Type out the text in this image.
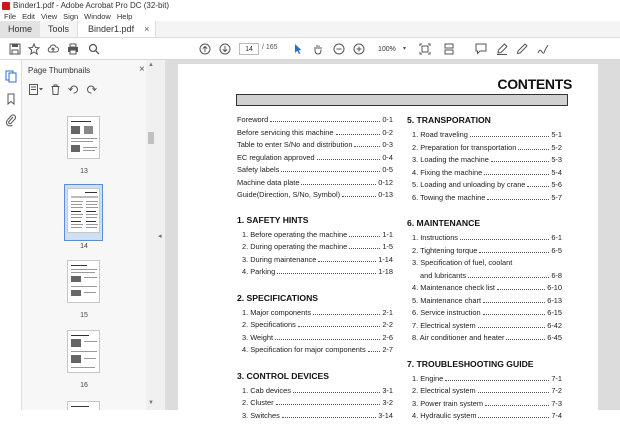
Binder1.pdf - Adobe Acrobat Pro DC (32-bit)
File Edit View Sign Window Help
Home	Tools	Binder1.pdf ×
14	/ 165	100%	▾
Page Thumbnails	×
13
14
15
16
▲
▼
◂
CONTENTS
Foreword	0-1
Before servicing this machine	0-2
Table to enter S/No and distribution	0-3
EC regulation approved	0-4
Safety labels	0-5
Machine data plate	0-12
Guide(Direction, S/No, Symbol)	0-13
1. SAFETY HINTS
1. Before operating the machine	1-1
2. During operating the machine	1-5
3. During maintenance	1-14
4. Parking	1-18
2. SPECIFICATIONS
1. Major components	2-1
2. Specifications	2-2
3. Weight	2-6
4. Specification for major components 2-7
3. CONTROL DEVICES
1. Cab devices	3-1
2. Cluster	3-2
3. Switches	3-14
5. TRANSPORATION
1. Road traveling	5-1
2. Preparation for transportation	5-2
3. Loading the machine	5-3
4. Fixing the machine	5-4
5. Loading and unloading by crane	5-6
6. Towing the machine	5-7
6. MAINTENANCE
1. Instructions	6-1
2. Tightening torque	6-5
3. Specification of fuel, coolant
and lubricants	6-8
4. Maintenance check list	6-10
5. Maintenance chart	6-13
6. Service instruction	6-15
7. Electrical system	6-42
8. Air conditioner and heater	6-45
7. TROUBLESHOOTING GUIDE
1. Engine	7-1
2. Electrical system	7-2
3. Power train system	7-3
4. Hydraulic system	7-4
